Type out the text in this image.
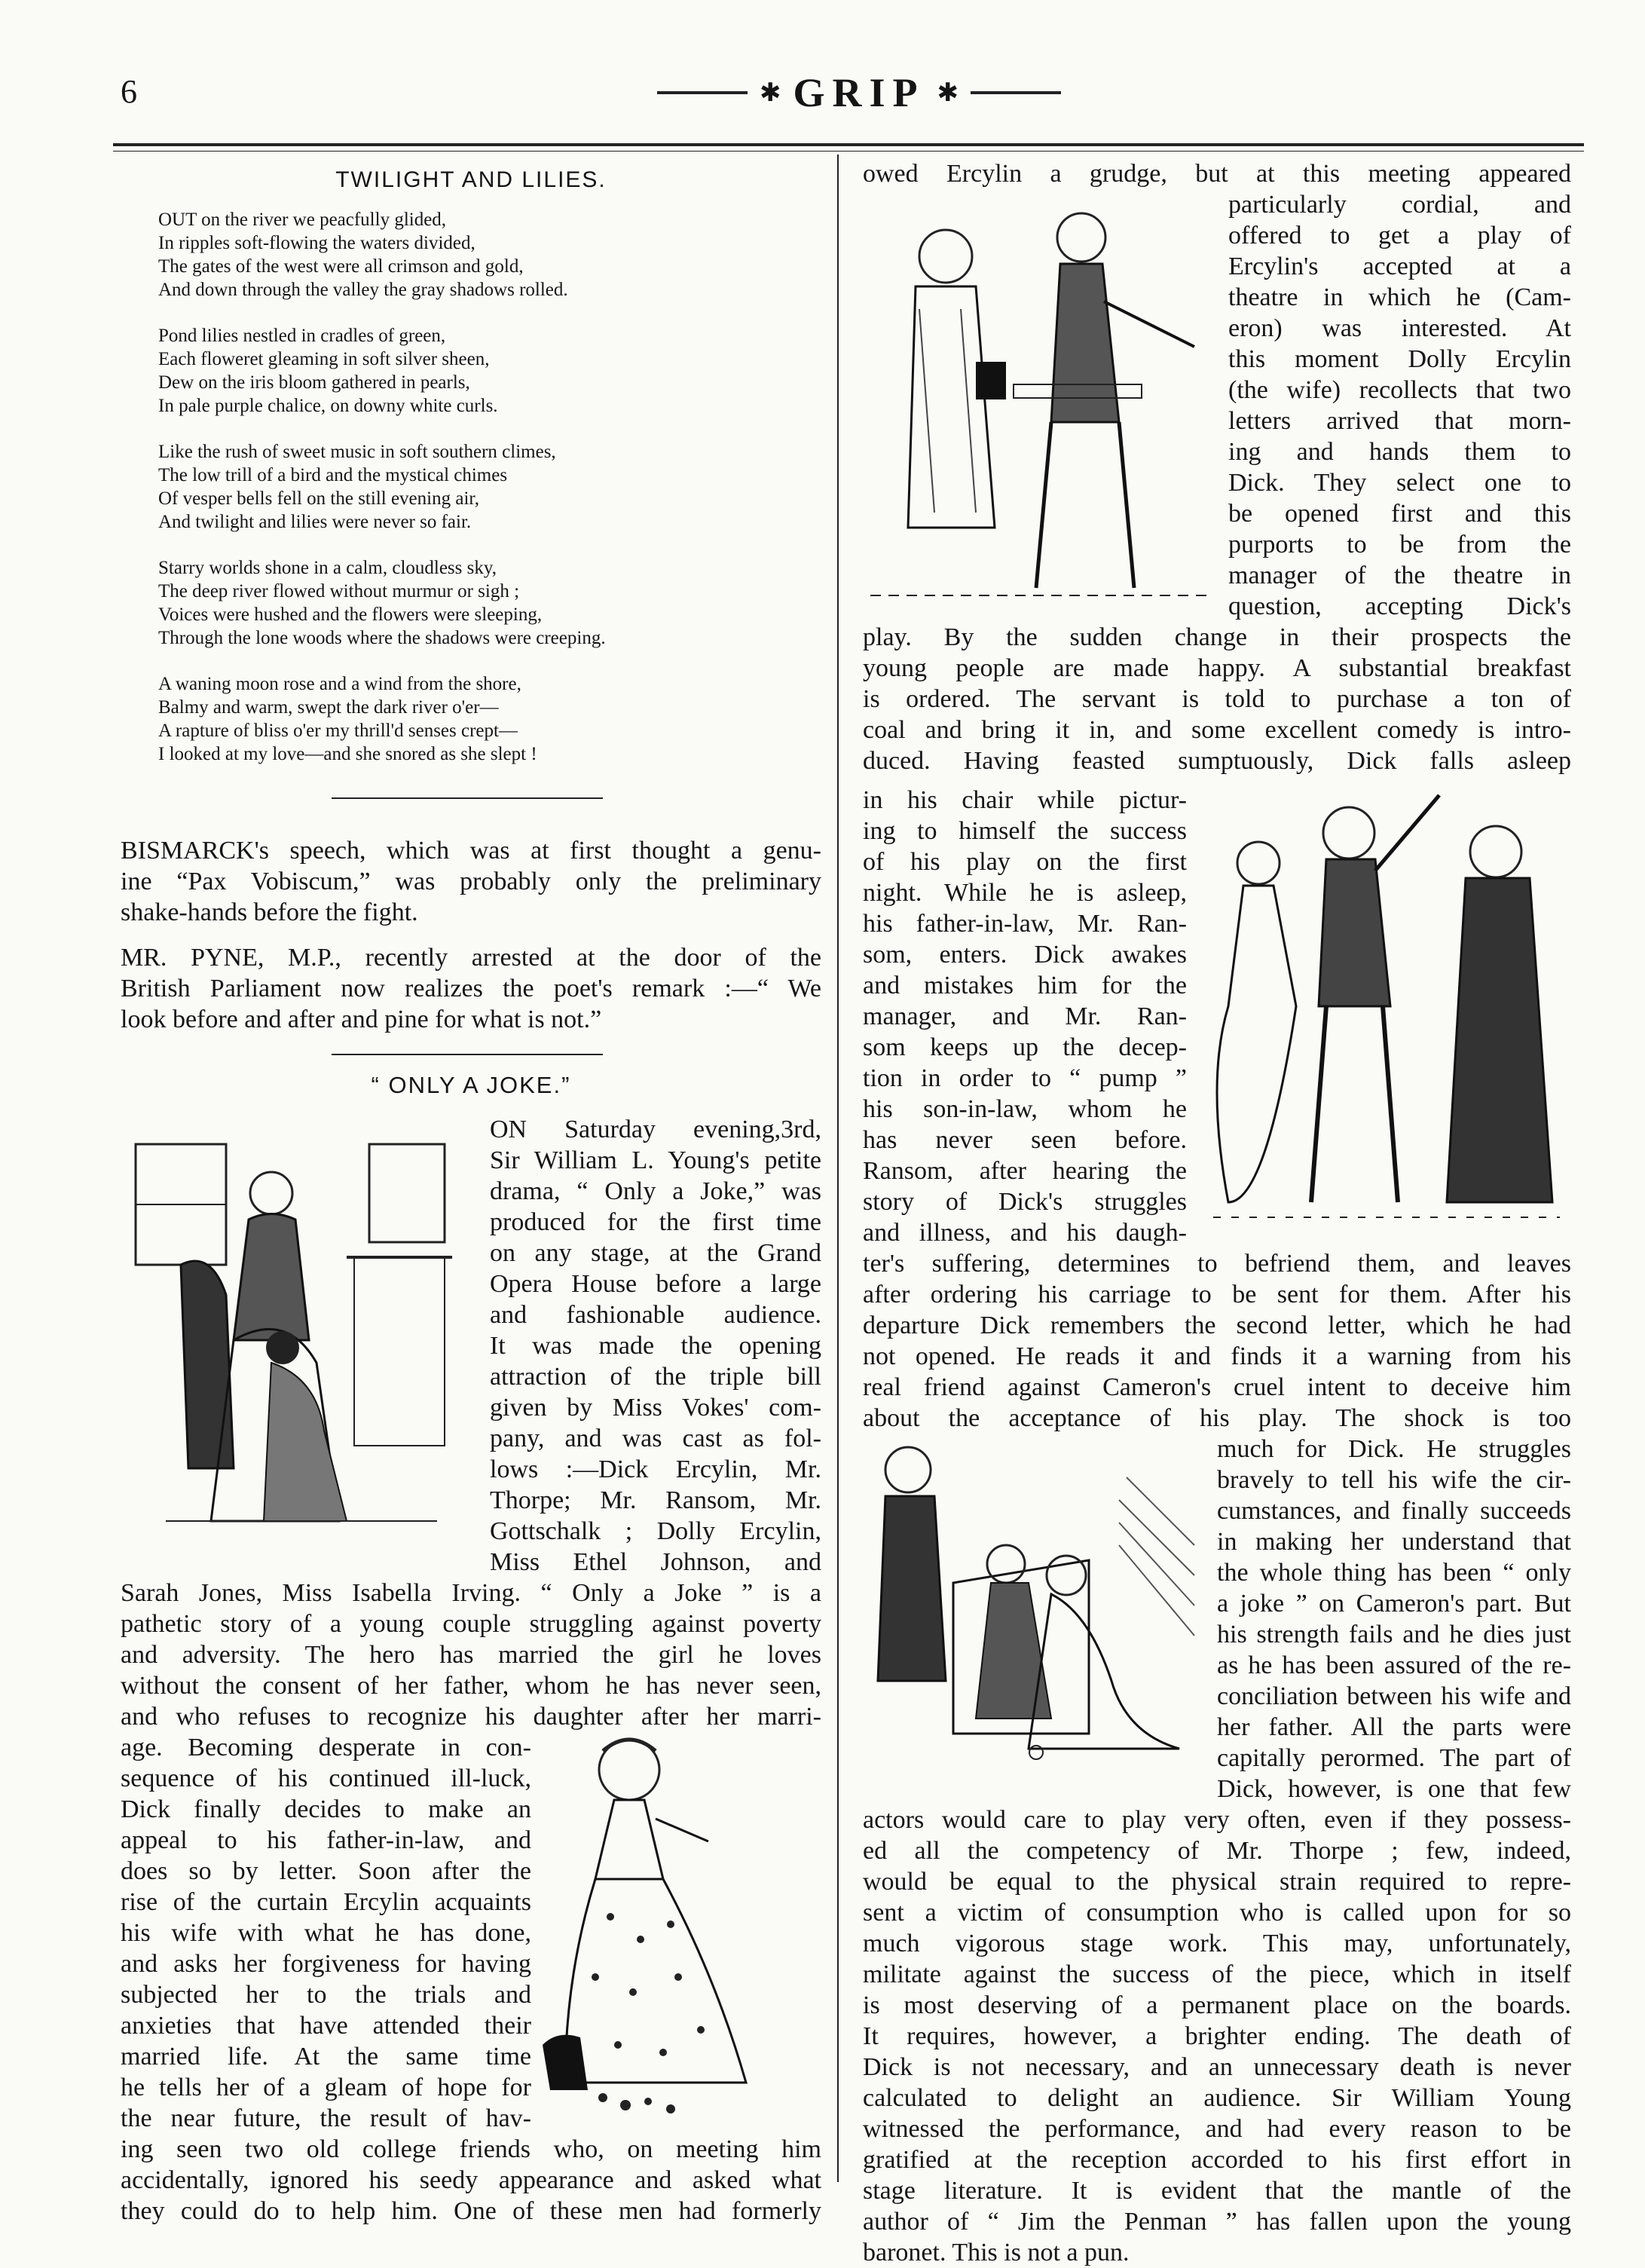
6	✱ GRIP ✱
TWILIGHT AND LILIES.
OUT on the river we peacfully glided,
In ripples soft-flowing the waters divided,
The gates of the west were all crimson and gold,
And down through the valley the gray shadows rolled.
Pond lilies nestled in cradles of green,
Each floweret gleaming in soft silver sheen,
Dew on the iris bloom gathered in pearls,
In pale purple chalice, on downy white curls.
Like the rush of sweet music in soft southern climes,
The low trill of a bird and the mystical chimes
Of vesper bells fell on the still evening air,
And twilight and lilies were never so fair.
Starry worlds shone in a calm, cloudless sky,
The deep river flowed without murmur or sigh ;
Voices were hushed and the flowers were sleeping,
Through the lone woods where the shadows were creeping.
A waning moon rose and a wind from the shore,
Balmy and warm, swept the dark river o'er—
A rapture of bliss o'er my thrill'd senses crept—
I looked at my love—and she snored as she slept !
BISMARCK's speech, which was at first thought a genu-
ine “Pax Vobiscum,” was probably only the preliminary
shake-hands before the fight.
MR. PYNE, M.P., recently arrested at the door of the
British Parliament now realizes the poet's remark :—“ We
look before and after and pine for what is not.”
“ ONLY A JOKE.”
ON Saturday evening,3rd,
Sir William L. Young's petite
drama, “ Only a Joke,” was
produced for the first time
on any stage, at the Grand
Opera House before a large
and fashionable audience.
It was made the opening
attraction of the triple bill
given by Miss Vokes' com-
pany, and was cast as fol-
lows :—Dick Ercylin, Mr.
Thorpe; Mr. Ransom, Mr.
Gottschalk ; Dolly Ercylin,
Miss Ethel Johnson, and
Sarah Jones, Miss Isabella Irving. “ Only a Joke ” is a
pathetic story of a young couple struggling against poverty
and adversity. The hero has married the girl he loves
without the consent of her father, whom he has never seen,
and who refuses to recognize his daughter after her marri-
age. Becoming desperate in con-
sequence of his continued ill-luck,
Dick finally decides to make an
appeal to his father-in-law, and
does so by letter. Soon after the
rise of the curtain Ercylin acquaints
his wife with what he has done,
and asks her forgiveness for having
subjected her to the trials and
anxieties that have attended their
married life. At the same time
he tells her of a gleam of hope for
the near future, the result of hav-
ing seen two old college friends who, on meeting him
accidentally, ignored his seedy appearance and asked what
they could do to help him. One of these men had formerly
owed Ercylin a grudge, but at this meeting appeared
particularly cordial, and
offered to get a play of
Ercylin's accepted at a
theatre in which he (Cam-
eron) was interested. At
this moment Dolly Ercylin
(the wife) recollects that two
letters arrived that morn-
ing and hands them to
Dick. They select one to
be opened first and this
purports to be from the
manager of the theatre in
question, accepting Dick's
play. By the sudden change in their prospects the
young people are made happy. A substantial breakfast
is ordered. The servant is told to purchase a ton of
coal and bring it in, and some excellent comedy is intro-
duced. Having feasted sumptuously, Dick falls asleep
in his chair while pictur-
ing to himself the success
of his play on the first
night. While he is asleep,
his father-in-law, Mr. Ran-
som, enters. Dick awakes
and mistakes him for the
manager, and Mr. Ran-
som keeps up the decep-
tion in order to “ pump ”
his son-in-law, whom he
has never seen before.
Ransom, after hearing the
story of Dick's struggles
and illness, and his daugh-
ter's suffering, determines to befriend them, and leaves
after ordering his carriage to be sent for them. After his
departure Dick remembers the second letter, which he had
not opened. He reads it and finds it a warning from his
real friend against Cameron's cruel intent to deceive him
about the acceptance of his play. The shock is too
much for Dick. He struggles
bravely to tell his wife the cir-
cumstances, and finally succeeds
in making her understand that
the whole thing has been “ only
a joke ” on Cameron's part. But
his strength fails and he dies just
as he has been assured of the re-
conciliation between his wife and
her father. All the parts were
capitally perormed. The part of
Dick, however, is one that few
actors would care to play very often, even if they possess-
ed all the competency of Mr. Thorpe ; few, indeed,
would be equal to the physical strain required to repre-
sent a victim of consumption who is called upon for so
much vigorous stage work. This may, unfortunately,
militate against the success of the piece, which in itself
is most deserving of a permanent place on the boards.
It requires, however, a brighter ending. The death of
Dick is not necessary, and an unnecessary death is never
calculated to delight an audience. Sir William Young
witnessed the performance, and had every reason to be
gratified at the reception accorded to his first effort in
stage literature. It is evident that the mantle of the
author of “ Jim the Penman ” has fallen upon the young
baronet. This is not a pun.
